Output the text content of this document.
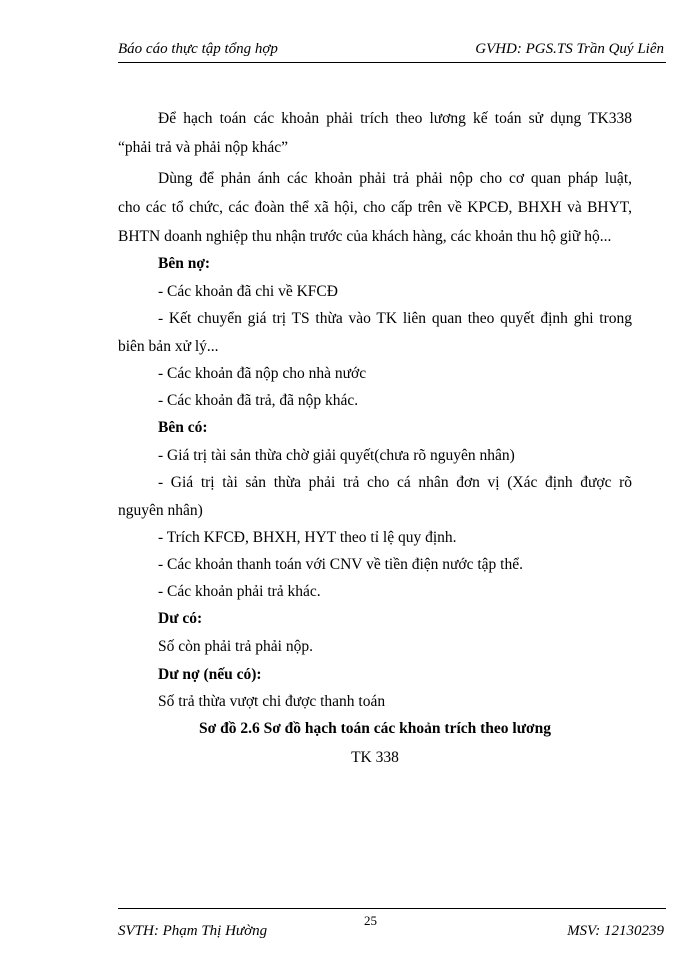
Báo cáo thực tập tổng hợp	GVHD: PGS.TS Trần Quý Liên
Để hạch toán các khoản phải trích theo lương kế toán sử dụng TK338
“phải trả và phải nộp khác”
Dùng để phản ánh các khoản phải trả phải nộp cho cơ quan pháp luật,
cho các tổ chức, các đoàn thể xã hội, cho cấp trên về KPCĐ, BHXH và BHYT,
BHTN doanh nghiệp thu nhận trước của khách hàng, các khoản thu hộ giữ hộ...
Bên nợ:
- Các khoản đã chi về KFCĐ
- Kết chuyển giá trị TS thừa vào TK liên quan theo quyết định ghi trong
biên bản xử lý...
- Các khoản đã nộp cho nhà nước
- Các khoản đã trả, đã nộp khác.
Bên có:
- Giá trị tài sản thừa chờ giải quyết(chưa rõ nguyên nhân)
- Giá trị tài sản thừa phải trả cho cá nhân đơn vị (Xác định được rõ
nguyên nhân)
- Trích KFCĐ, BHXH, HYT theo tỉ lệ quy định.
- Các khoản thanh toán với CNV về tiền điện nước tập thể.
- Các khoản phải trả khác.
Dư có:
Số còn phải trả phải nộp.
Dư nợ (nếu có):
Số trả thừa vượt chi được thanh toán
Sơ đồ 2.6 Sơ đồ hạch toán các khoản trích theo lương
TK 338
25
SVTH: Phạm Thị Hường	MSV: 12130239
